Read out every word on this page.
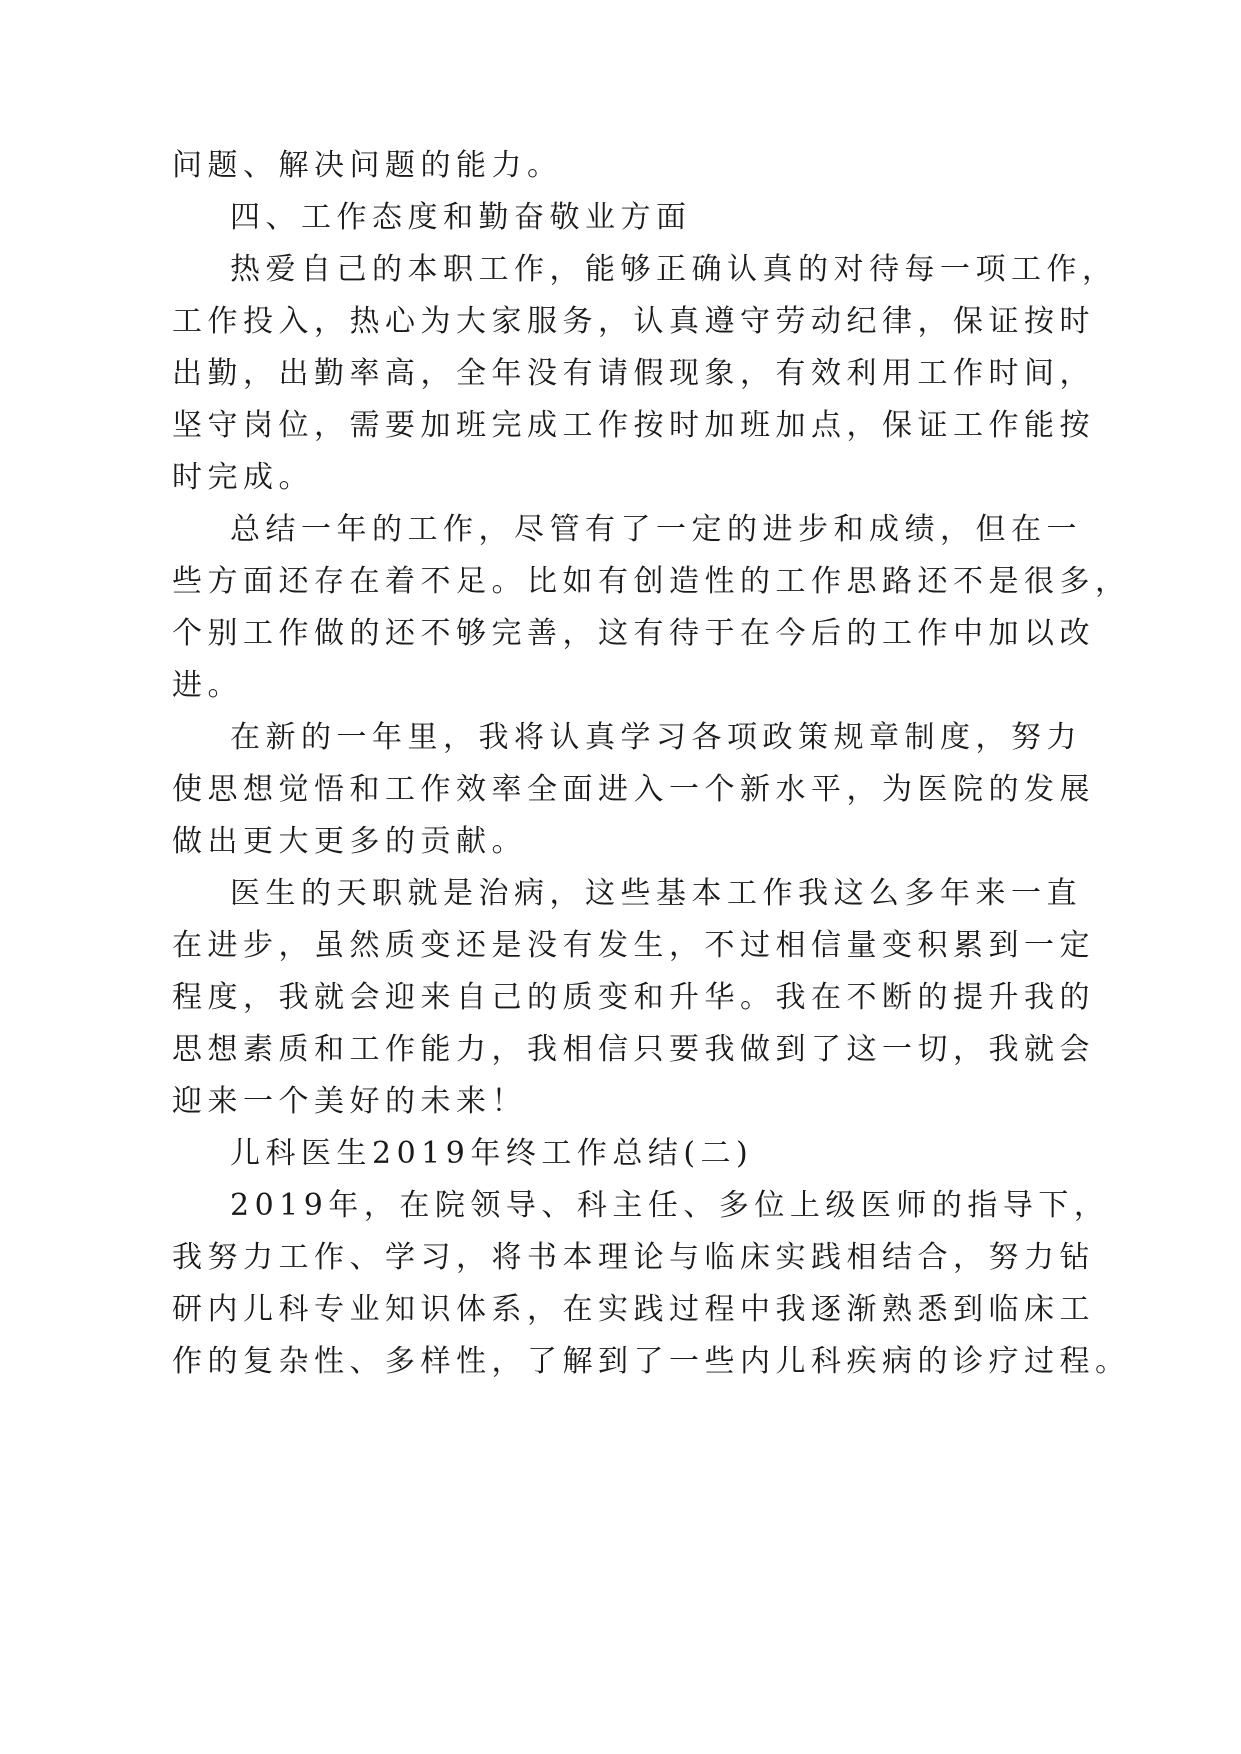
问题、解决问题的能力。
四、工作态度和勤奋敬业方面
热爱自己的本职工作，能够正确认真的对待每一项工作，
工作投入，热心为大家服务，认真遵守劳动纪律，保证按时
出勤，出勤率高，全年没有请假现象，有效利用工作时间，
坚守岗位，需要加班完成工作按时加班加点，保证工作能按
时完成。
总结一年的工作，尽管有了一定的进步和成绩，但在一
些方面还存在着不足。比如有创造性的工作思路还不是很多，
个别工作做的还不够完善，这有待于在今后的工作中加以改
进。
在新的一年里，我将认真学习各项政策规章制度，努力
使思想觉悟和工作效率全面进入一个新水平，为医院的发展
做出更大更多的贡献。
医生的天职就是治病，这些基本工作我这么多年来一直
在进步，虽然质变还是没有发生，不过相信量变积累到一定
程度，我就会迎来自己的质变和升华。我在不断的提升我的
思想素质和工作能力，我相信只要我做到了这一切，我就会
迎来一个美好的未来！
儿科医生2019年终工作总结(二)
2019年，在院领导、科主任、多位上级医师的指导下，
我努力工作、学习，将书本理论与临床实践相结合，努力钻
研内儿科专业知识体系，在实践过程中我逐渐熟悉到临床工
作的复杂性、多样性，了解到了一些内儿科疾病的诊疗过程。
